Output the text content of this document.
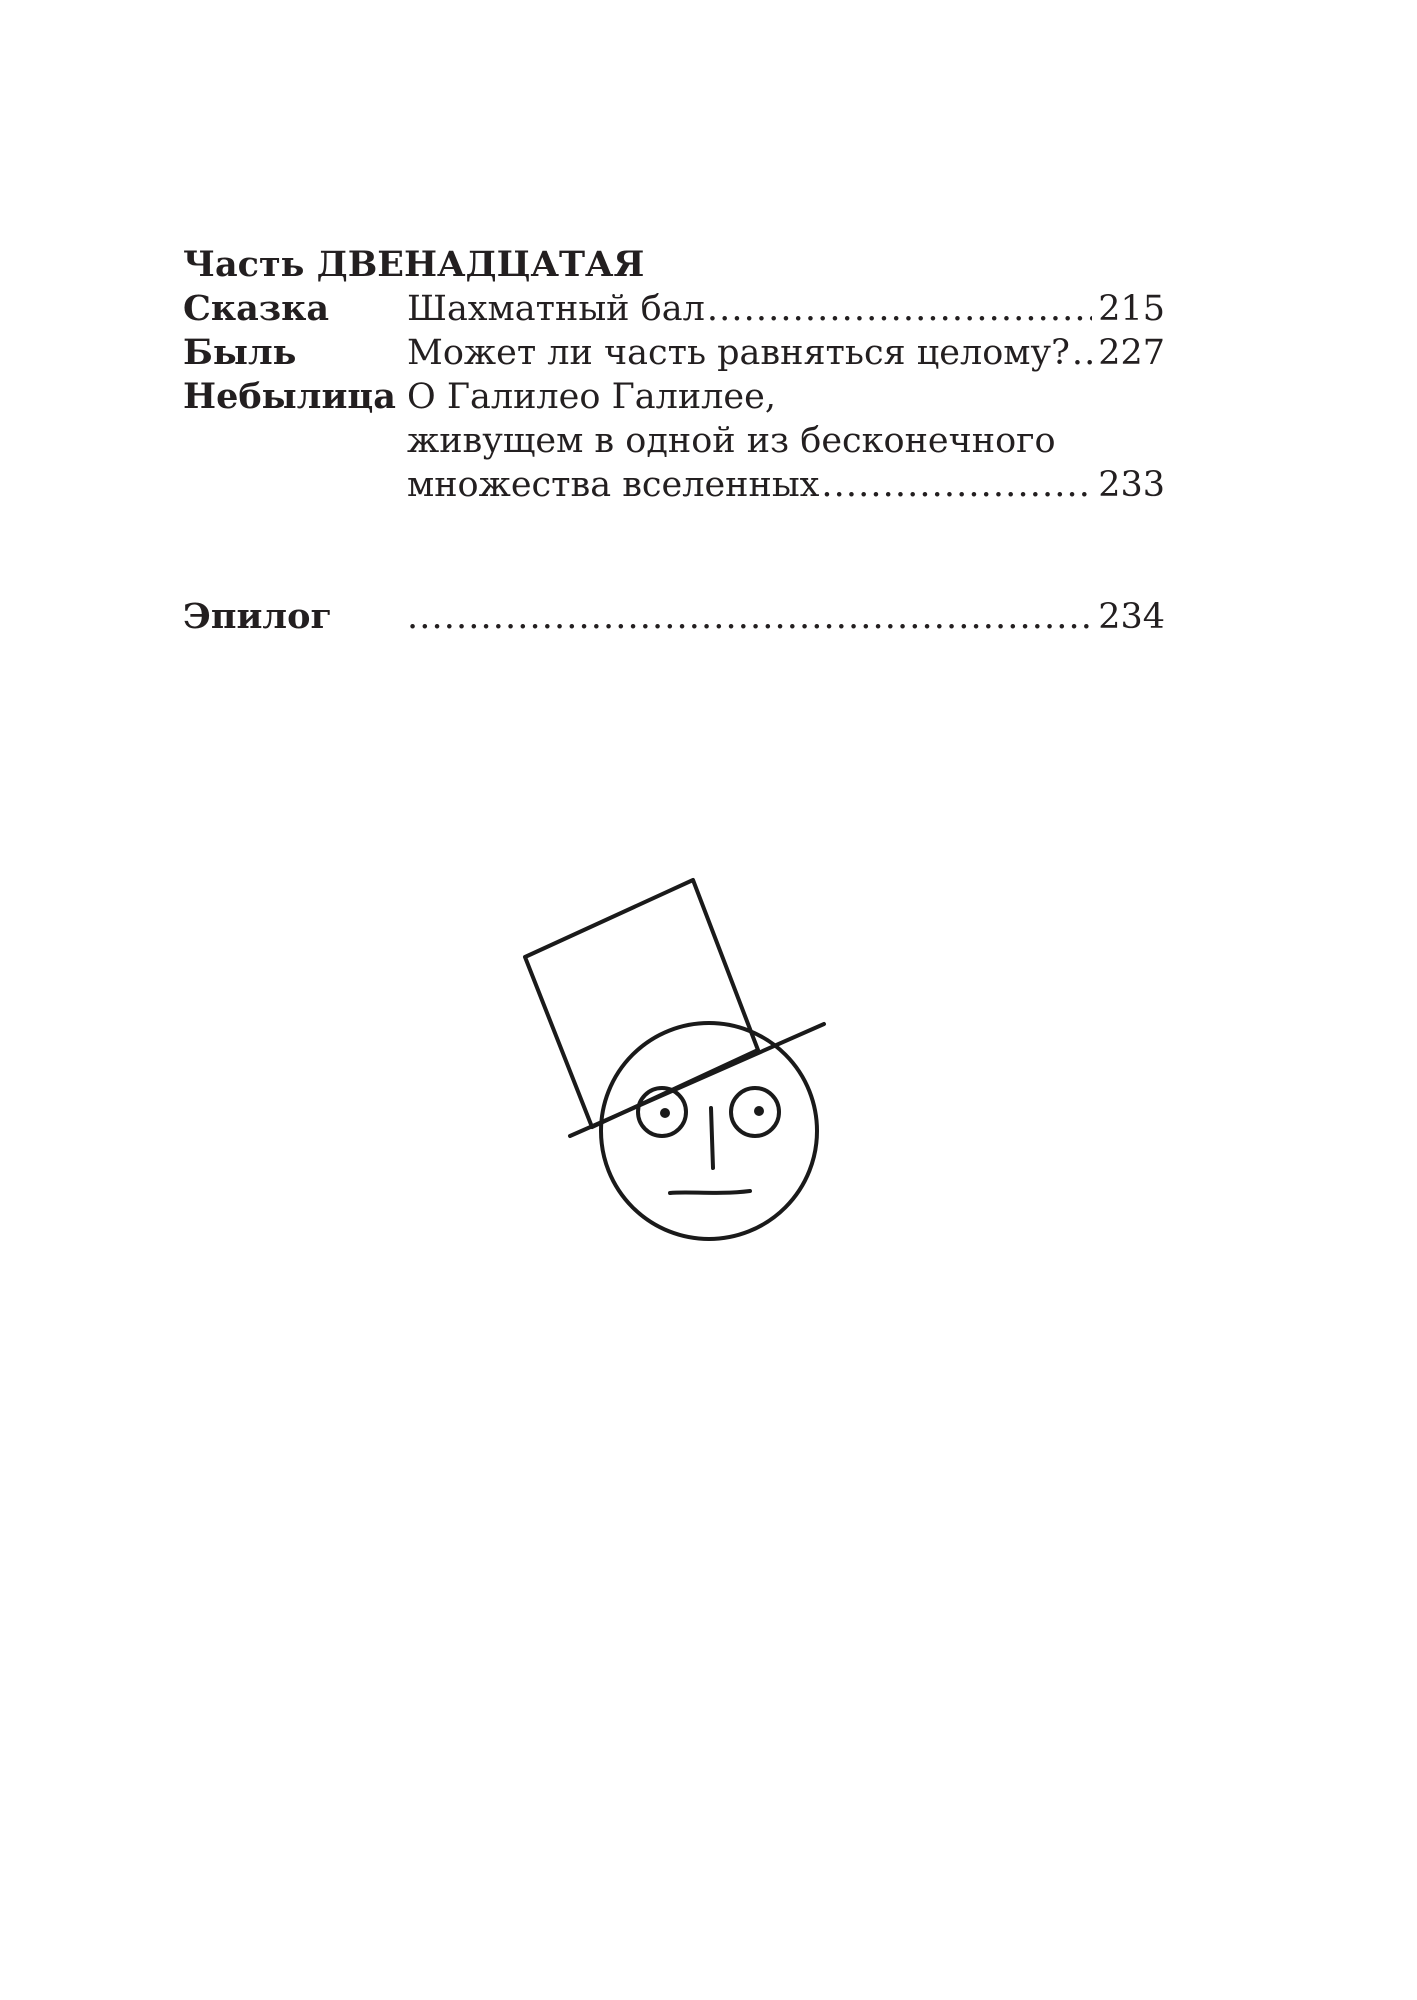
Часть ДВЕНАДЦАТАЯ
Сказка	Шахматный бал . . .	215
Быль	Может ли часть равняться целому? . . . 227
Небылица О Галилео Галилее,
живущем в одной из бесконечного
множества вселенных . . .	233
Эпилог . . .	234
